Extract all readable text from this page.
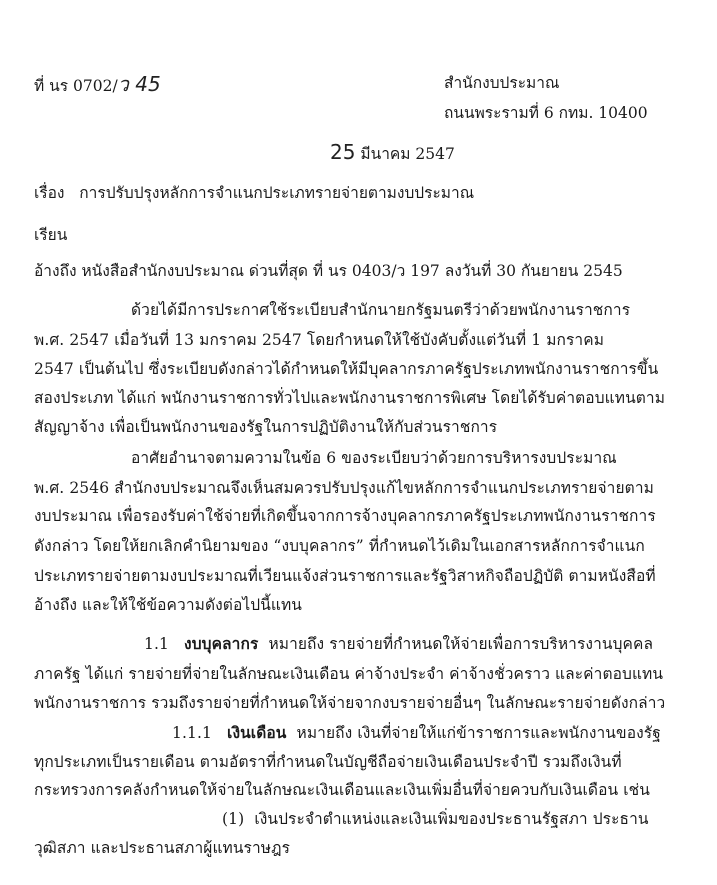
ที่ นร 0702/ว 45	สำนักงบประมาณ
ถนนพระรามที่ 6 กทม. 10400
25 มีนาคม 2547
เรื่อง การปรับปรุงหลักการจำแนกประเภทรายจ่ายตามงบประมาณ
เรียน
อ้างถึง หนังสือสำนักงบประมาณ ด่วนที่สุด ที่ นร 0403/ว 197 ลงวันที่ 30 กันยายน 2545
ด้วยได้มีการประกาศใช้ระเบียบสำนักนายกรัฐมนตรีว่าด้วยพนักงานราชการ
พ.ศ. 2547 เมื่อวันที่ 13 มกราคม 2547 โดยกำหนดให้ใช้บังคับตั้งแต่วันที่ 1 มกราคม
2547 เป็นต้นไป ซึ่งระเบียบดังกล่าวได้กำหนดให้มีบุคลากรภาครัฐประเภทพนักงานราชการขึ้น
สองประเภท ได้แก่ พนักงานราชการทั่วไปและพนักงานราชการพิเศษ โดยได้รับค่าตอบแทนตาม
สัญญาจ้าง เพื่อเป็นพนักงานของรัฐในการปฏิบัติงานให้กับส่วนราชการ
อาศัยอำนาจตามความในข้อ 6 ของระเบียบว่าด้วยการบริหารงบประมาณ
พ.ศ. 2546 สำนักงบประมาณจึงเห็นสมควรปรับปรุงแก้ไขหลักการจำแนกประเภทรายจ่ายตาม
งบประมาณ เพื่อรองรับค่าใช้จ่ายที่เกิดขึ้นจากการจ้างบุคลากรภาครัฐประเภทพนักงานราชการ
ดังกล่าว โดยให้ยกเลิกคำนิยามของ “งบบุคลากร” ที่กำหนดไว้เดิมในเอกสารหลักการจำแนก
ประเภทรายจ่ายตามงบประมาณที่เวียนแจ้งส่วนราชการและรัฐวิสาหกิจถือปฏิบัติ ตามหนังสือที่
อ้างถึง และให้ใช้ข้อความดังต่อไปนี้แทน
1.1 งบบุคลากร หมายถึง รายจ่ายที่กำหนดให้จ่ายเพื่อการบริหารงานบุคคล
ภาครัฐ ได้แก่ รายจ่ายที่จ่ายในลักษณะเงินเดือน ค่าจ้างประจำ ค่าจ้างชั่วคราว และค่าตอบแทน
พนักงานราชการ รวมถึงรายจ่ายที่กำหนดให้จ่ายจากงบรายจ่ายอื่นๆ ในลักษณะรายจ่ายดังกล่าว
1.1.1 เงินเดือน หมายถึง เงินที่จ่ายให้แก่ข้าราชการและพนักงานของรัฐ
ทุกประเภทเป็นรายเดือน ตามอัตราที่กำหนดในบัญชีถือจ่ายเงินเดือนประจำปี รวมถึงเงินที่
กระทรวงการคลังกำหนดให้จ่ายในลักษณะเงินเดือนและเงินเพิ่มอื่นที่จ่ายควบกับเงินเดือน เช่น
(1) เงินประจำตำแหน่งและเงินเพิ่มของประธานรัฐสภา ประธาน
วุฒิสภา และประธานสภาผู้แทนราษฎร
